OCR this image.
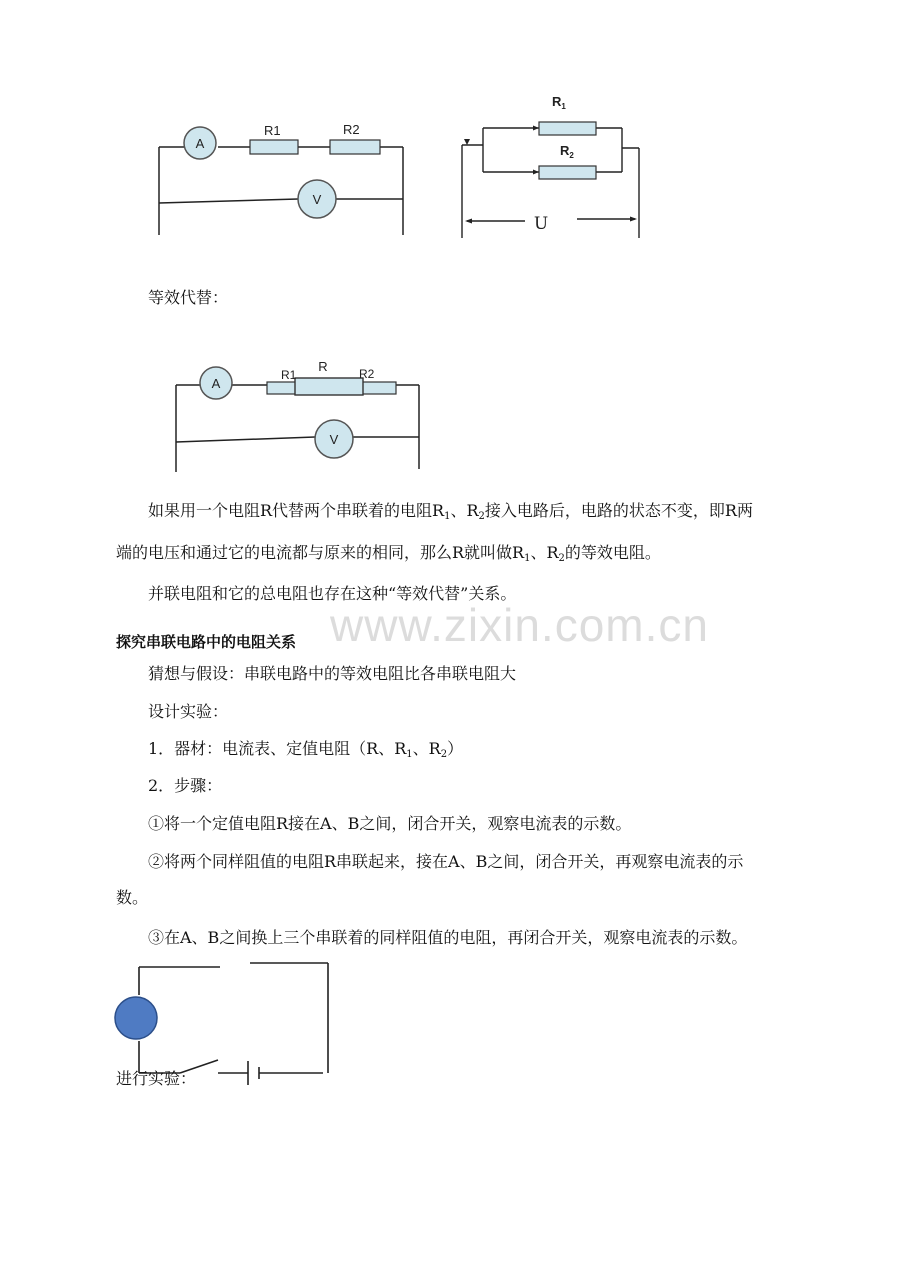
A
R1	R2
V
$R_1$
$R_2$
U
等效代替：
A
R
R1	R2
V
如果用一个电阻R代替两个串联着的电阻$R_1$、$R_2$接入电路后，电路的状态不变，即R两
端的电压和通过它的电流都与原来的相同，那么R就叫做$R_1$、$R_2$的等效电阻。
并联电阻和它的总电阻也存在这种“等效代替”关系。
www.zixin.com.cn
探究串联电路中的电阻关系
猜想与假设：串联电路中的等效电阻比各串联电阻大
设计实验：
1．器材：电流表、定值电阻（R、$R_1$、$R_2$）
2．步骤：
①将一个定值电阻R接在A、B之间，闭合开关，观察电流表的示数。
②将两个同样阻值的电阻R串联起来，接在A、B之间，闭合开关，再观察电流表的示
数。
③在A、B之间换上三个串联着的同样阻值的电阻，再闭合开关，观察电流表的示数。
进行实验：
